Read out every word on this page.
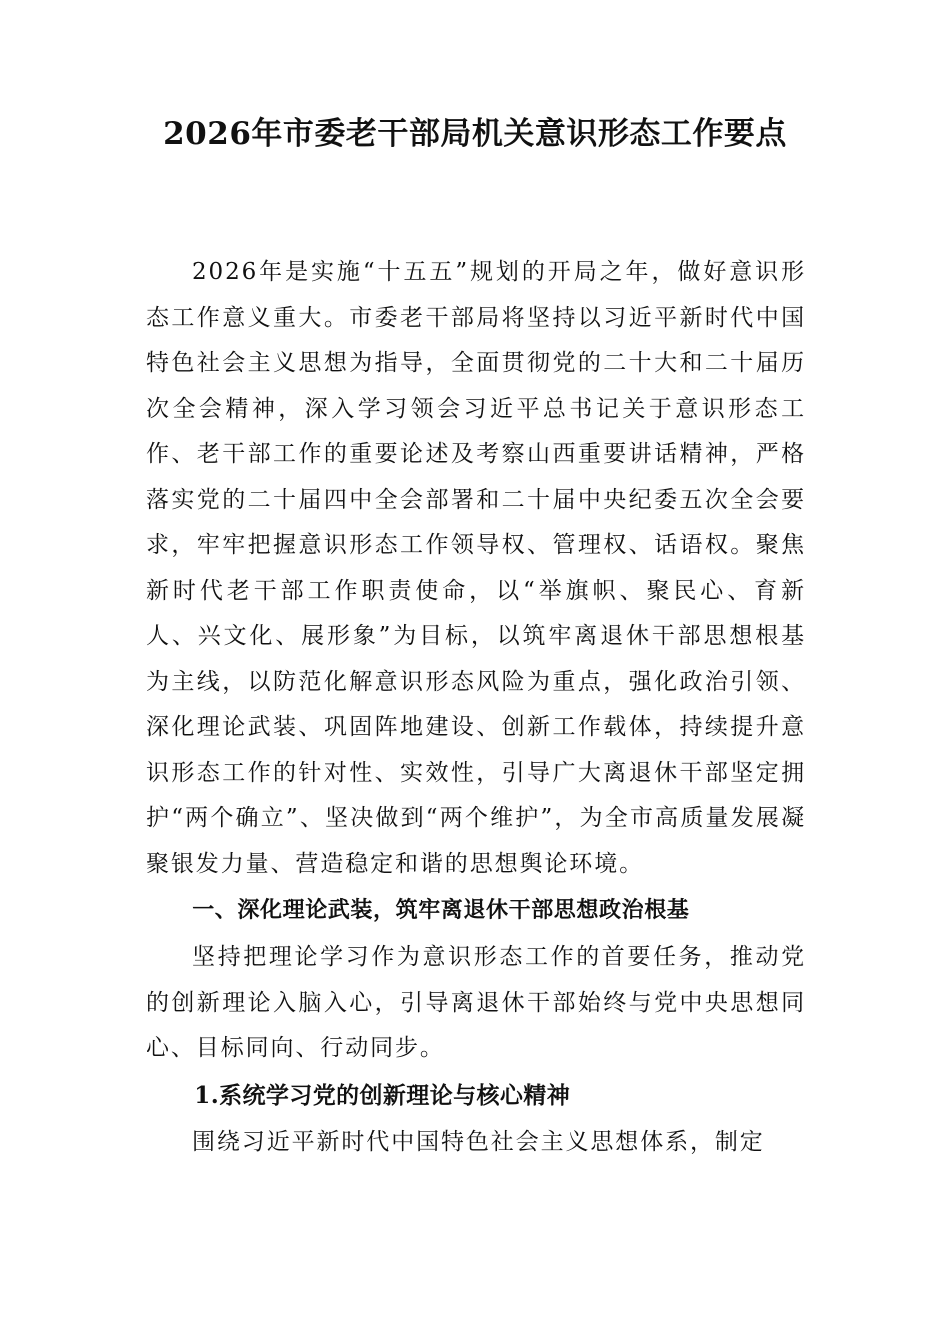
2026年市委老干部局机关意识形态工作要点

2026年是实施“十五五”规划的开局之年，做好意识形态工作意义重大。市委老干部局将坚持以习近平新时代中国特色社会主义思想为指导，全面贯彻党的二十大和二十届历次全会精神，深入学习领会习近平总书记关于意识形态工作、老干部工作的重要论述及考察山西重要讲话精神，严格落实党的二十届四中全会部署和二十届中央纪委五次全会要求，牢牢把握意识形态工作领导权、管理权、话语权。聚焦新时代老干部工作职责使命，以“举旗帜、聚民心、育新人、兴文化、展形象”为目标，以筑牢离退休干部思想根基为主线，以防范化解意识形态风险为重点，强化政治引领、深化理论武装、巩固阵地建设、创新工作载体，持续提升意识形态工作的针对性、实效性，引导广大离退休干部坚定拥护“两个确立”、坚决做到“两个维护”，为全市高质量发展凝聚银发力量、营造稳定和谐的思想舆论环境。

一、深化理论武装，筑牢离退休干部思想政治根基

坚持把理论学习作为意识形态工作的首要任务，推动党的创新理论入脑入心，引导离退休干部始终与党中央思想同心、目标同向、行动同步。

1.系统学习党的创新理论与核心精神

围绕习近平新时代中国特色社会主义思想体系，制定
